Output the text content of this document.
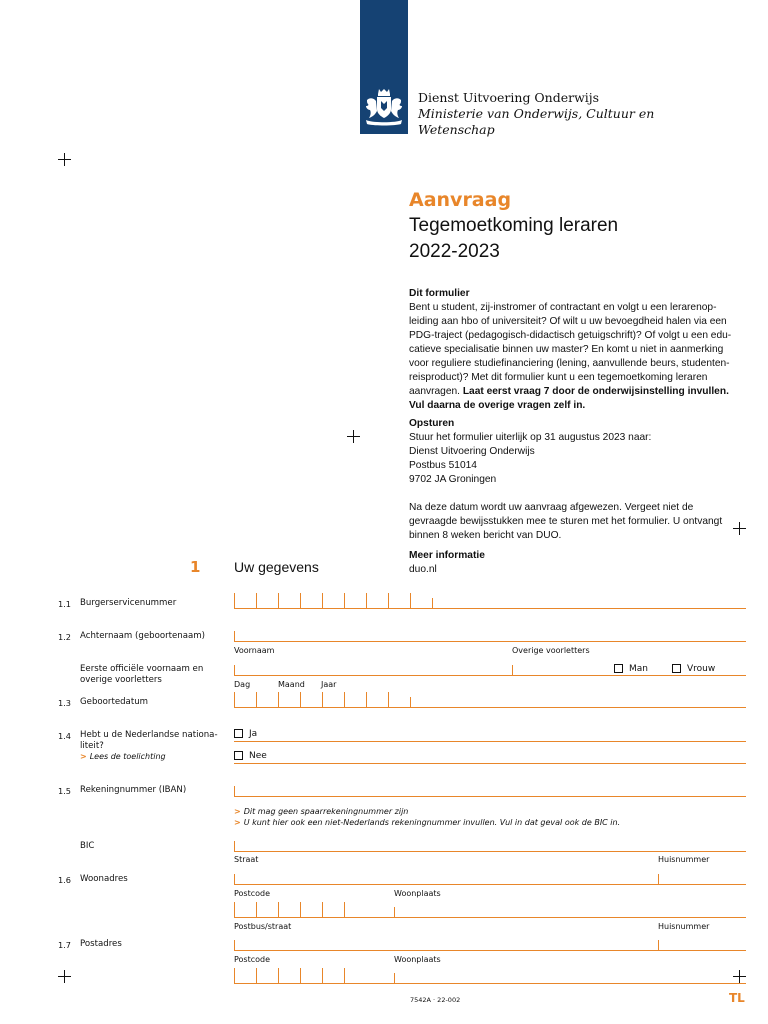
Dienst Uitvoering Onderwijs
Ministerie van Onderwijs, Cultuur en
Wetenschap
Aanvraag
Tegemoetkoming leraren
2022-2023
Dit formulier
Bent u student, zij-instromer of contractant en volgt u een lerarenop-
leiding aan hbo of universiteit? Of wilt u uw bevoegdheid halen via een
PDG-traject (pedagogisch-didactisch getuigschrift)? Of volgt u een edu-
catieve specialisatie binnen uw master? En komt u niet in aanmerking
voor reguliere studiefinanciering (lening, aanvullende beurs, studenten-
reisproduct)? Met dit formulier kunt u een tegemoetkoming leraren
aanvragen. Laat eerst vraag 7 door de onderwijsinstelling invullen.
Vul daarna de overige vragen zelf in.
Opsturen
Stuur het formulier uiterlijk op 31 augustus 2023 naar:
Dienst Uitvoering Onderwijs
Postbus 51014
9702 JA Groningen
Na deze datum wordt uw aanvraag afgewezen. Vergeet niet de
gevraagde bewijsstukken mee te sturen met het formulier. U ontvangt
binnen 8 weken bericht van DUO.
Meer informatie
duo.nl
1 Uw gegevens
1.1 Burgerservicenummer
1.2 Achternaam (geboortenaam)
Voornaam	Overige voorletters
Eerste officiële voornaam en
overige voorletters
Man	Vrouw
Dag	Maand Jaar
1.3 Geboortedatum
1.4 Hebt u de Nederlandse nationa-
liteit?
> Lees de toelichting
Ja
Nee
1.5 Rekeningnummer (IBAN)
> Dit mag geen spaarrekeningnummer zijn
> U kunt hier ook een niet-Nederlands rekeningnummer invullen. Vul in dat geval ook de BIC in.
BIC
Straat	Huisnummer
1.6 Woonadres
Postcode	Woonplaats
Postbus/straat	Huisnummer
1.7 Postadres
Postcode	Woonplaats
7542A · 22-002	TL
